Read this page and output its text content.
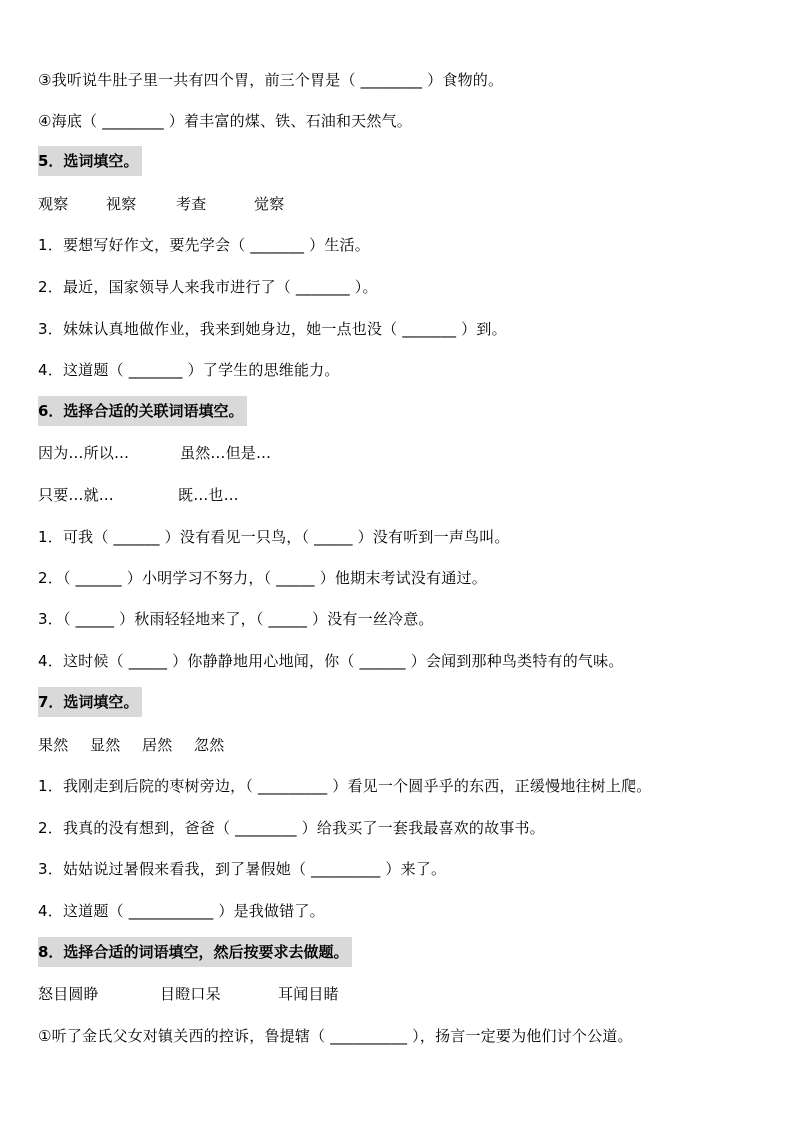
③我听说牛肚子里一共有四个胃，前三个胃是（ ________ ）食物的。
④海底（ ________ ）着丰富的煤、铁、石油和天然气。
5．选词填空。
观察	视察	考查	觉察
1．要想写好作文，要先学会（ _______ ）生活。
2．最近，国家领导人来我市进行了（ _______ ）。
3．妹妹认真地做作业，我来到她身边，她一点也没（ _______ ）到。
4．这道题（ _______ ）了学生的思维能力。
6．选择合适的关联词语填空。
因为…所以…	虽然…但是…
只要…就…	既…也…
1．可我（ ______ ）没有看见一只鸟，（ _____ ）没有听到一声鸟叫。
2．（ ______ ）小明学习不努力，（ _____ ）他期末考试没有通过。
3．（ _____ ）秋雨轻轻地来了，（ _____ ）没有一丝冷意。
4．这时候（ _____ ）你静静地用心地闻，你（ ______ ）会闻到那种鸟类特有的气味。
7．选词填空。
果然 显然 居然 忽然
1．我刚走到后院的枣树旁边，（ _________ ）看见一个圆乎乎的东西，正缓慢地往树上爬。
2．我真的没有想到，爸爸（ ________ ）给我买了一套我最喜欢的故事书。
3．姑姑说过暑假来看我，到了暑假她（ _________ ）来了。
4．这道题（ ___________ ）是我做错了。
8．选择合适的词语填空，然后按要求去做题。
怒目圆睁	目瞪口呆	耳闻目睹
①听了金氏父女对镇关西的控诉，鲁提辖（ __________ ），扬言一定要为他们讨个公道。
